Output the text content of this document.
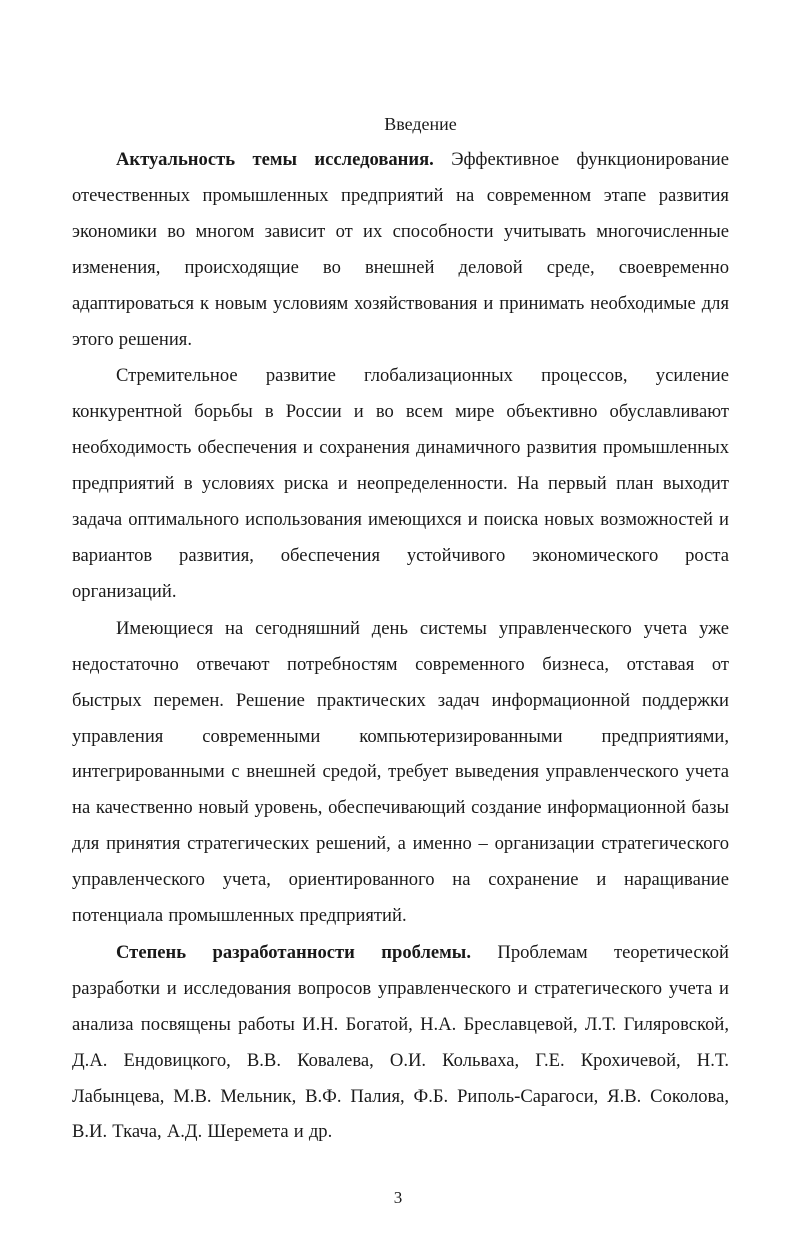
Введение

Актуальность темы исследования. Эффективное функционирование отечественных промышленных предприятий на современном этапе развития экономики во многом зависит от их способности учитывать многочисленные изменения, происходящие во внешней деловой среде, своевременно адаптироваться к новым условиям хозяйствования и принимать необходимые для этого решения.

Стремительное развитие глобализационных процессов, усиление конкурентной борьбы в России и во всем мире объективно обуславливают необходимость обеспечения и сохранения динамичного развития промышленных предприятий в условиях риска и неопределенности. На первый план выходит задача оптимального использования имеющихся и поиска новых возможностей и вариантов развития, обеспечения устойчивого экономического роста организаций.

Имеющиеся на сегодняшний день системы управленческого учета уже недостаточно отвечают потребностям современного бизнеса, отставая от быстрых перемен. Решение практических задач информационной поддержки управления современными компьютеризированными предприятиями, интегрированными с внешней средой, требует выведения управленческого учета на качественно новый уровень, обеспечивающий создание информационной базы для принятия стратегических решений, а именно – организации стратегического управленческого учета, ориентированного на сохранение и наращивание потенциала промышленных предприятий.

Степень разработанности проблемы. Проблемам теоретической разработки и исследования вопросов управленческого и стратегического учета и анализа посвящены работы И.Н. Богатой, Н.А. Бреславцевой, Л.Т. Гиляровской, Д.А. Ендовицкого, В.В. Ковалева, О.И. Кольваха, Г.Е. Крохичевой, Н.Т. Лабынцева, М.В. Мельник, В.Ф. Палия, Ф.Б. Риполь-Сарагоси, Я.В. Соколова, В.И. Ткача, А.Д. Шеремета и др.

3
